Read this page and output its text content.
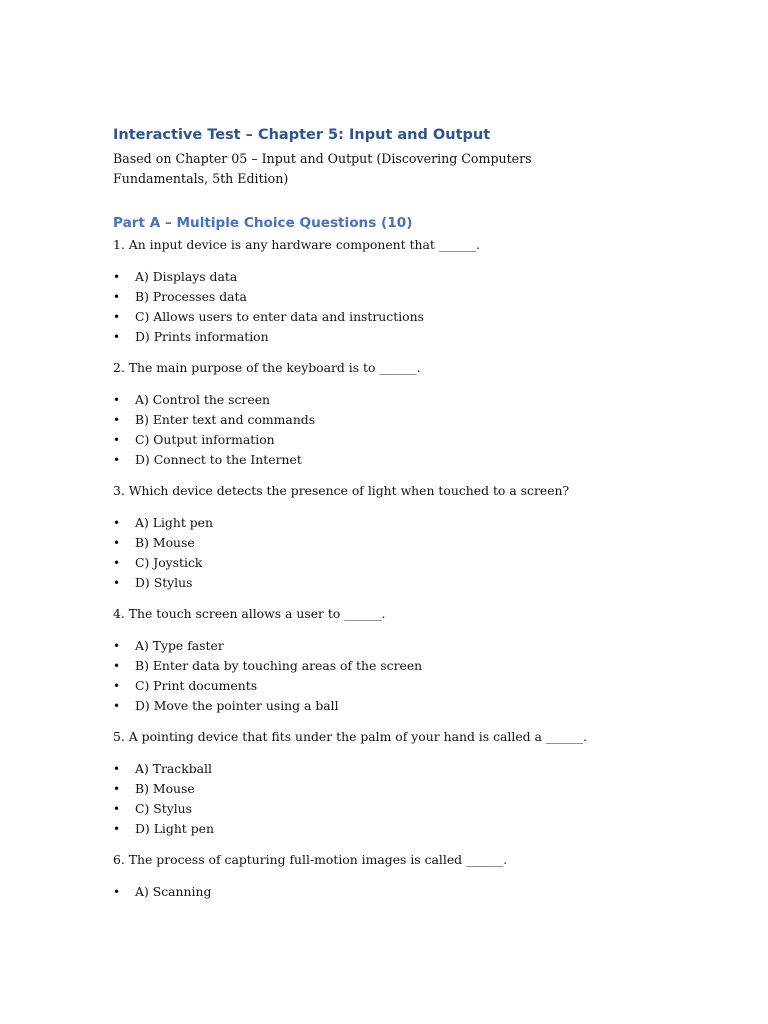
Interactive Test – Chapter 5: Input and Output

Based on Chapter 05 – Input and Output (Discovering Computers Fundamentals, 5th Edition)

Part A – Multiple Choice Questions (10)

1. An input device is any hardware component that ______.

• A) Displays data
• B) Processes data
• C) Allows users to enter data and instructions
• D) Prints information

2. The main purpose of the keyboard is to ______.

• A) Control the screen
• B) Enter text and commands
• C) Output information
• D) Connect to the Internet

3. Which device detects the presence of light when touched to a screen?

• A) Light pen
• B) Mouse
• C) Joystick
• D) Stylus

4. The touch screen allows a user to ______.

• A) Type faster
• B) Enter data by touching areas of the screen
• C) Print documents
• D) Move the pointer using a ball

5. A pointing device that fits under the palm of your hand is called a ______.

• A) Trackball
• B) Mouse
• C) Stylus
• D) Light pen

6. The process of capturing full-motion images is called ______.

• A) Scanning
